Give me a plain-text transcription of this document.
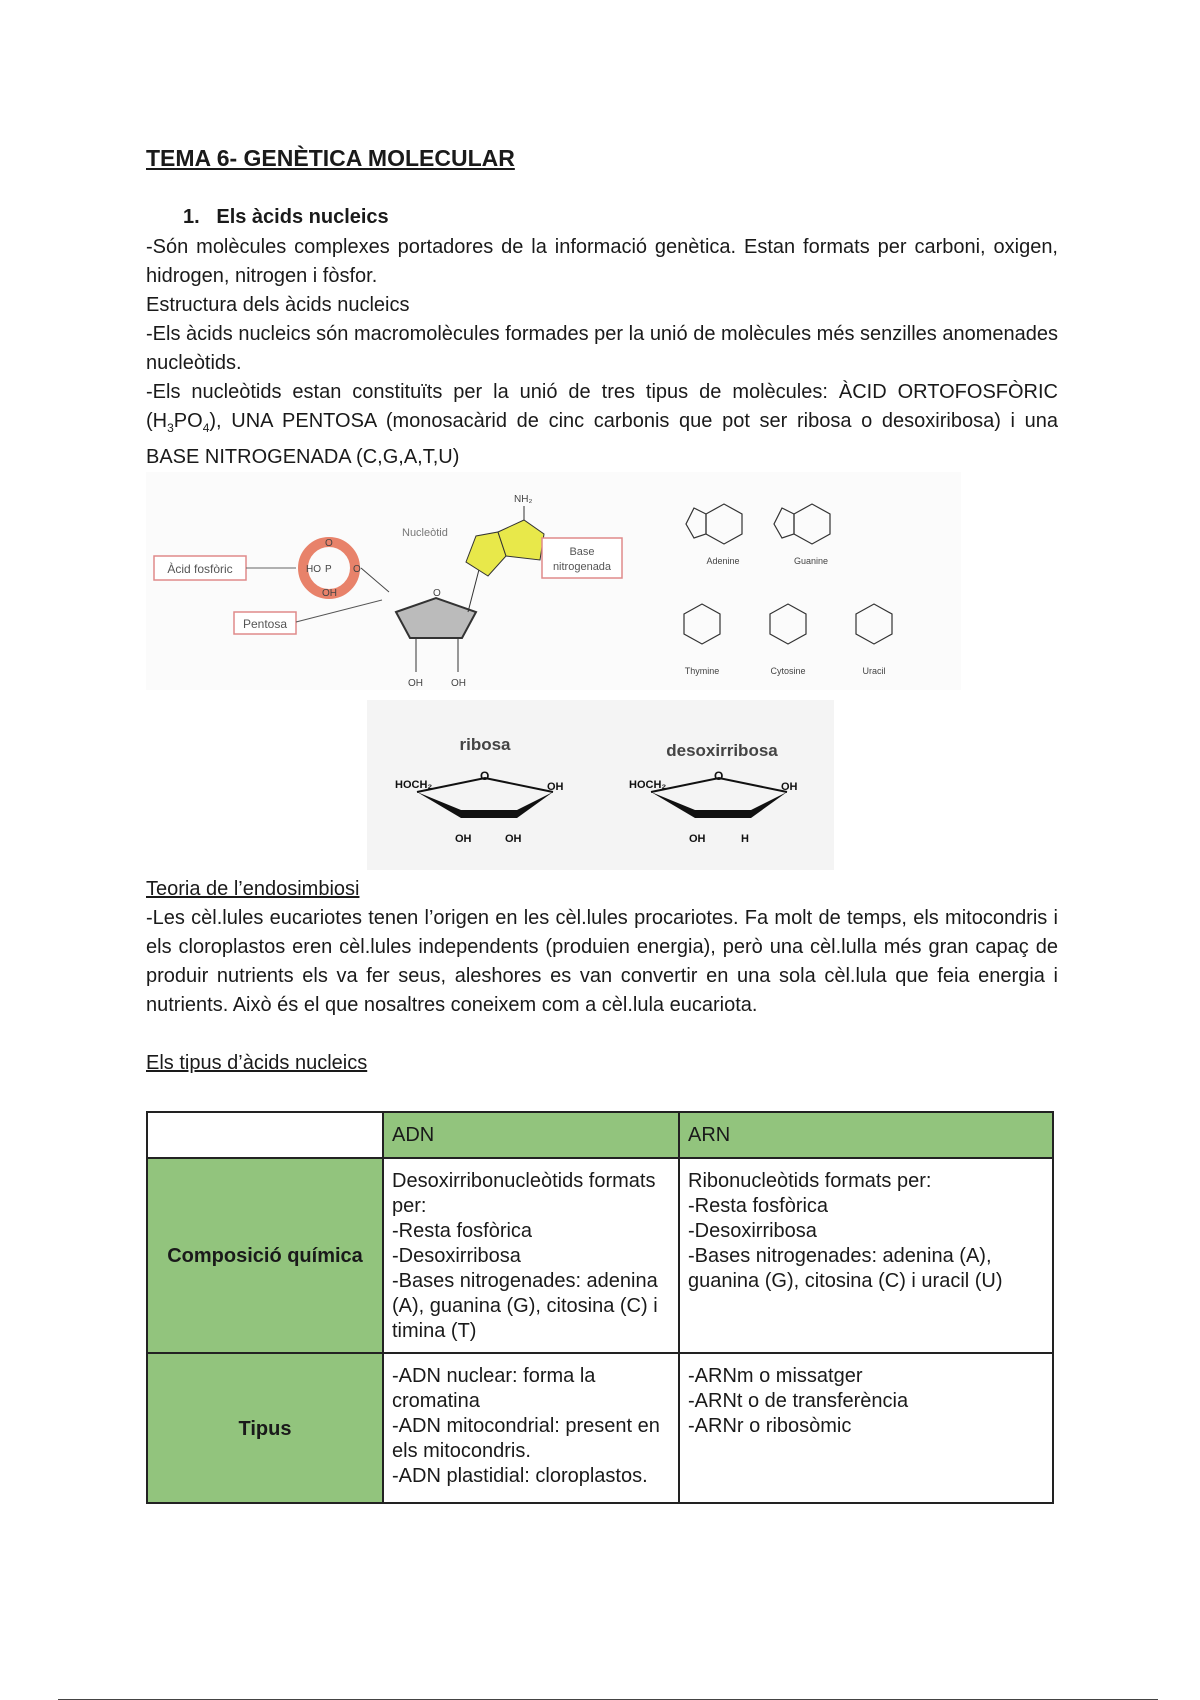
TEMA 6- GENÈTICA MOLECULAR
1. Els àcids nucleics

-Són molècules complexes portadores de la informació genètica. Estan formats per carboni, oxigen, hidrogen, nitrogen i fòsfor.

Estructura dels àcids nucleics

-Els àcids nucleics són macromolècules formades per la unió de molècules més senzilles anomenades nucleòtids.

-Els nucleòtids estan constituïts per la unió de tres tipus de molècules: ÀCID ORTOFOSFÒRIC $(H_3PO_4)$, UNA PENTOSA (monosacàrid de cinc carbonis que pot ser ribosa o desoxiribosa) i una BASE NITROGENADA (C,G,A,T,U)

Àcid fosfòric	HO P O
O
OH
Nucleòtid
O
OH	OH
Pentosa
NH₂
Base
nitrogenada	Adenine	Guanine
Thymine	Cytosine	Uracil
ribosa	desoxirribosa
HOCH₂
O
OH
OH	OH
HOCH₂
O
OH
OH	H

Teoria de l’endosimbiosi

-Les cèl.lules eucariotes tenen l’origen en les cèl.lules procariotes. Fa molt de temps, els mitocondris i els cloroplastos eren cèl.lules independents (produien energia), però una cèl.lulla més gran capaç de produir nutrients els va fer seus, aleshores es van convertir en una sola cèl.lula que feia energia i nutrients. Això és el que nosaltres coneixem com a cèl.lula eucariota.

Els tipus d’àcids nucleics

	ADN	ARN
Composició química	Desoxirribonucleòtids formats per:
-Resta fosfòrica
-Desoxirribosa
-Bases nitrogenades: adenina (A), guanina (G), citosina (C) i timina (T)	Ribonucleòtids formats per:
-Resta fosfòrica
-Desoxirribosa
-Bases nitrogenades: adenina (A), guanina (G), citosina (C) i uracil (U)
Tipus	-ADN nuclear: forma la cromatina
-ADN mitocondrial: present en els mitocondris.
-ADN plastidial: cloroplastos.	-ARNm o missatger
-ARNt o de transferència
-ARNr o ribosòmic
